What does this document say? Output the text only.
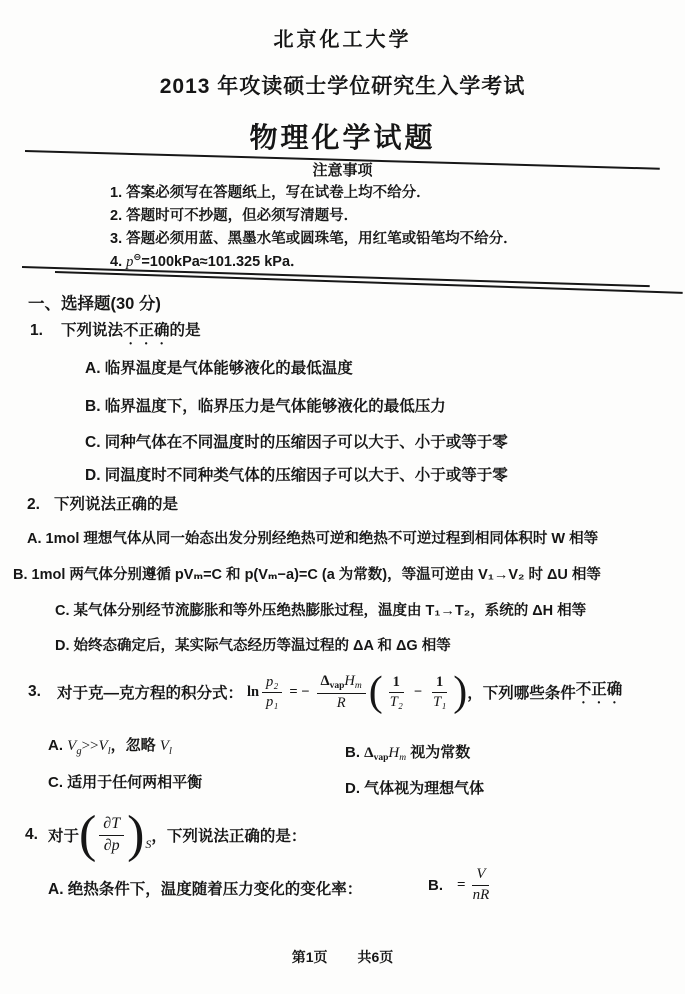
北京化工大学
2013 年攻读硕士学位研究生入学考试
物理化学试题
注意事项
1. 答案必须写在答题纸上，写在试卷上均不给分．
2. 答题时可不抄题，但必须写清题号．
3. 答题必须用蓝、黑墨水笔或圆珠笔，用红笔或铅笔均不给分．
4. p⊖=100kPa≈101.325 kPa．
一、选择题(30 分)
1. 下列说法不正确的是
A. 临界温度是气体能够液化的最低温度
B. 临界温度下，临界压力是气体能够液化的最低压力
C. 同种气体在不同温度时的压缩因子可以大于、小于或等于零
D. 同温度时不同种类气体的压缩因子可以大于、小于或等于零
2. 下列说法正确的是
A. 1mol 理想气体从同一始态出发分别经绝热可逆和绝热不可逆过程到相同体积时 W 相等
B. 1mol 两气体分别遵循 pVₘ=C 和 p(Vₘ−a)=C (a 为常数)，等温可逆由 V₁→V₂ 时 ΔU 相等
C. 某气体分别经节流膨胀和等外压绝热膨胀过程，温度由 T₁→T₂，系统的 ΔH 相等
D. 始终态确定后，某实际气态经历等温过程的 ΔA 和 ΔG 相等
3. 对于克—克方程的积分式： $\ln \frac{\text{p₂}}{\text{p₁}}$ = − $\frac{\Delta_{vap}H_m}{R}$ ( $\frac{1}{\text{T₂}} - \frac{1}{\text{T₁}}$ ) ，下列哪些条件 不正确
A. $V_g>>V_l$，忽略 $V_l$	B. $\Delta_{vap}H_m$ 视为常数
C. 适用于任何两相平衡	D. 气体视为理想气体
4. 对于 ( $\frac{\partial T}{\partial p}$ ) S ，下列说法正确的是：
A. 绝热条件下，温度随着压力变化的变化率：	B. = $\frac{V}{nR}$
第1页 共6页
